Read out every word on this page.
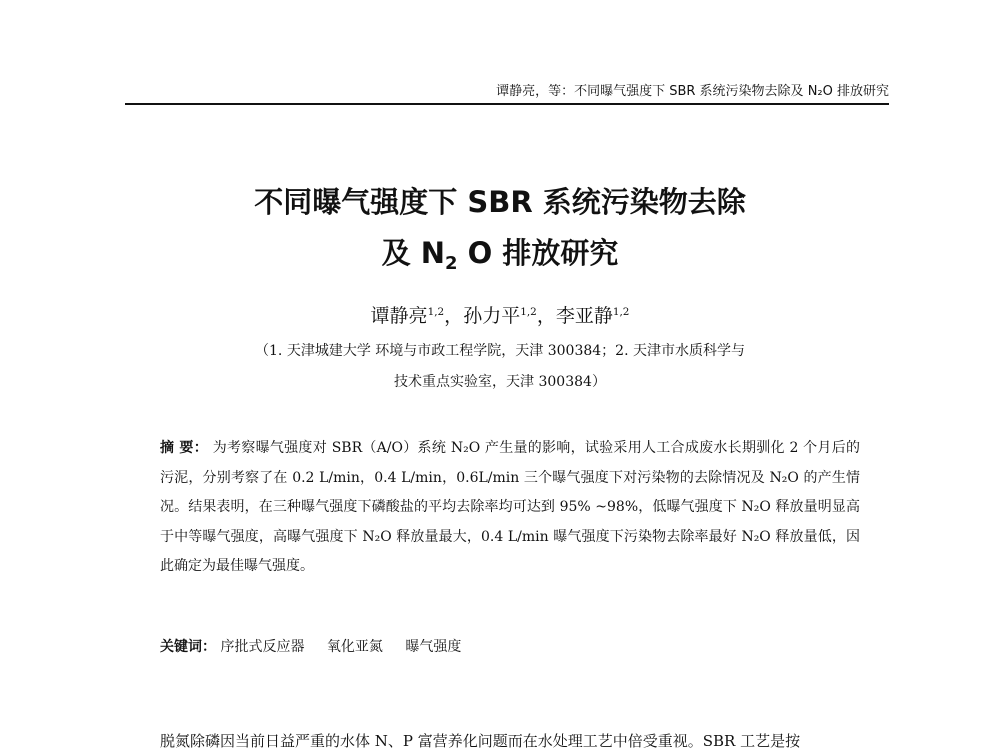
谭静亮，等：不同曝气强度下 SBR 系统污染物去除及 N₂O 排放研究
不同曝气强度下 SBR 系统污染物去除
及 $N_2$ O 排放研究
谭静亮$^{1,2}$，孙力平$^{1,2}$，李亚静$^{1,2}$
（1. 天津城建大学 环境与市政工程学院，天津 300384；2. 天津市水质科学与
技术重点实验室，天津 300384）
摘 要： 为考察曝气强度对 SBR（A/O）系统 N₂O 产生量的影响，试验采用人工合成废水长期驯化 2 个月后的污泥，分别考察了在 0.2 L/min，0.4 L/min，0.6L/min 三个曝气强度下对污染物的去除情况及 N₂O 的产生情况。结果表明，在三种曝气强度下磷酸盐的平均去除率均可达到 95% ~98%，低曝气强度下 N₂O 释放量明显高于中等曝气强度，高曝气强度下 N₂O 释放量最大，0.4 L/min 曝气强度下污染物去除率最好 N₂O 释放量低，因此确定为最佳曝气强度。
关键词： 序批式反应器 氧化亚氮 曝气强度
脱氮除磷因当前日益严重的水体 N、P 富营养化问题而在水处理工艺中倍受重视。SBR 工艺是按
